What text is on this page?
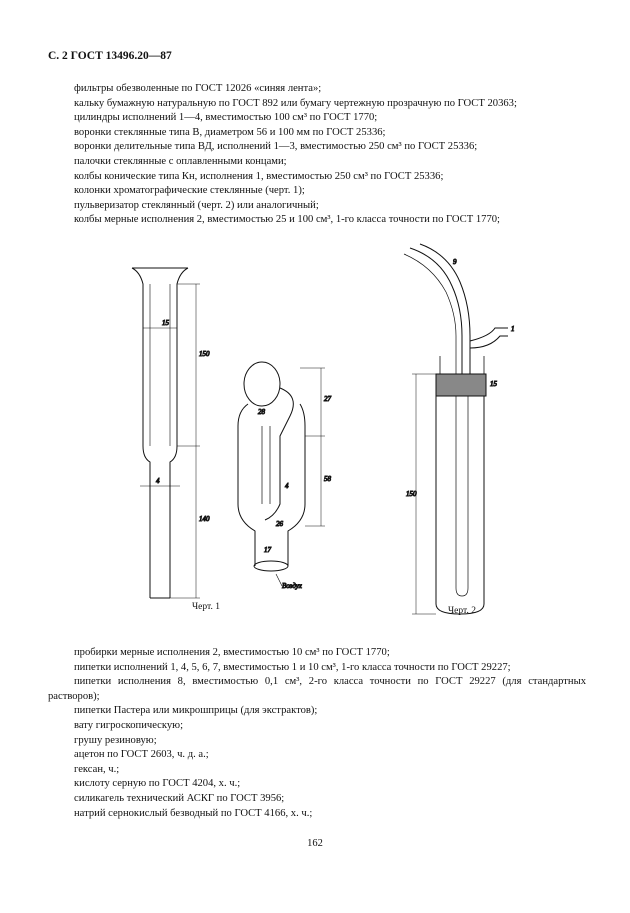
С. 2 ГОСТ 13496.20—87

фильтры обезволенные по ГОСТ 12026 «синяя лента»;

кальку бумажную натуральную по ГОСТ 892 или бумагу чертежную прозрачную по ГОСТ 20363;

цилиндры исполнений 1—4, вместимостью 100 см³ по ГОСТ 1770;

воронки стеклянные типа В, диаметром 56 и 100 мм по ГОСТ 25336;

воронки делительные типа ВД, исполнений 1—3, вместимостью 250 см³ по ГОСТ 25336;

палочки стеклянные с оплавленными концами;

колбы конические типа Кн, исполнения 1, вместимостью 250 см³ по ГОСТ 25336;

колонки хроматографические стеклянные (черт. 1);

пульверизатор стеклянный (черт. 2) или аналогичный;

колбы мерные исполнения 2, вместимостью 25 и 100 см³, 1-го класса точности по ГОСТ 1770;

15
150
4
140
27
28
58
4
26
17
Воздух
9
1
15
150
Черт. 1	Черт. 2

пробирки мерные исполнения 2, вместимостью 10 см³ по ГОСТ 1770;

пипетки исполнений 1, 4, 5, 6, 7, вместимостью 1 и 10 см³, 1-го класса точности по ГОСТ 29227;

пипетки исполнения 8, вместимостью 0,1 см³, 2-го класса точности по ГОСТ 29227 (для стандартных растворов);

пипетки Пастера или микрошприцы (для экстрактов);

вату гигроскопическую;

грушу резиновую;

ацетон по ГОСТ 2603, ч. д. а.;

гексан, ч.;

кислоту серную по ГОСТ 4204, х. ч.;

силикагель технический АСКГ по ГОСТ 3956;

натрий сернокислый безводный по ГОСТ 4166, х. ч.;

162
